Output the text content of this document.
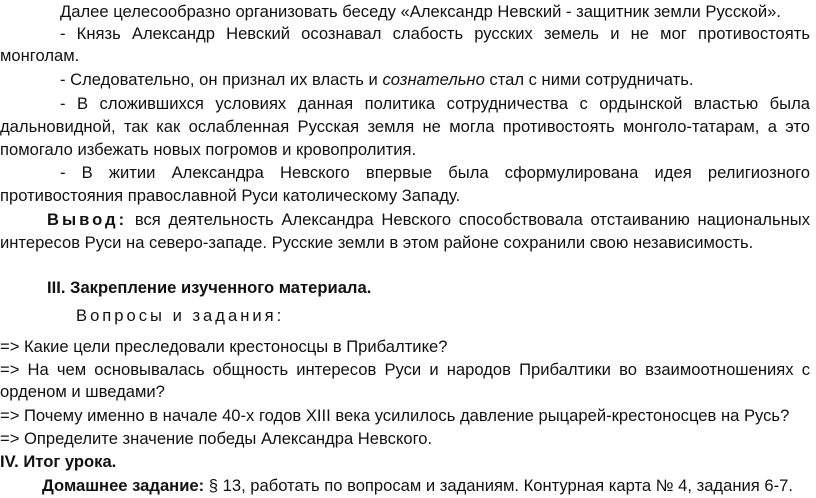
Далее целесообразно организовать беседу «Александр Невский - защитник земли Русской».

- Князь Александр Невский осознавал слабость русских земель и не мог противостоять

монголам.

- Следовательно, он признал их власть и сознательно стал с ними сотрудничать.

- В сложившихся условиях данная политика сотрудничества с ордынской властью была

дальновидной, так как ослабленная Русская земля не могла противостоять монголо-татарам, а это

помогало избежать новых погромов и кровопролития.

- В житии Александра Невского впервые была сформулирована идея религиозного

противостояния православной Руси католическому Западу.

Вывод: вся деятельность Александра Невского способствовала отстаиванию национальных

интересов Руси на северо-западе. Русские земли в этом районе сохранили свою независимость.

III. Закрепление изученного материала.

Вопросы и задания:

=> Какие цели преследовали крестоносцы в Прибалтике?

=> На чем основывалась общность интересов Руси и народов Прибалтики во взаимоотношениях с

орденом и шведами?

=> Почему именно в начале 40-х годов XIII века усилилось давление рыцарей-крестоносцев на Русь?

=> Определите значение победы Александра Невского.

IV. Итог урока.

Домашнее задание: § 13, работать по вопросам и заданиям. Контурная карта № 4, задания 6-7.
